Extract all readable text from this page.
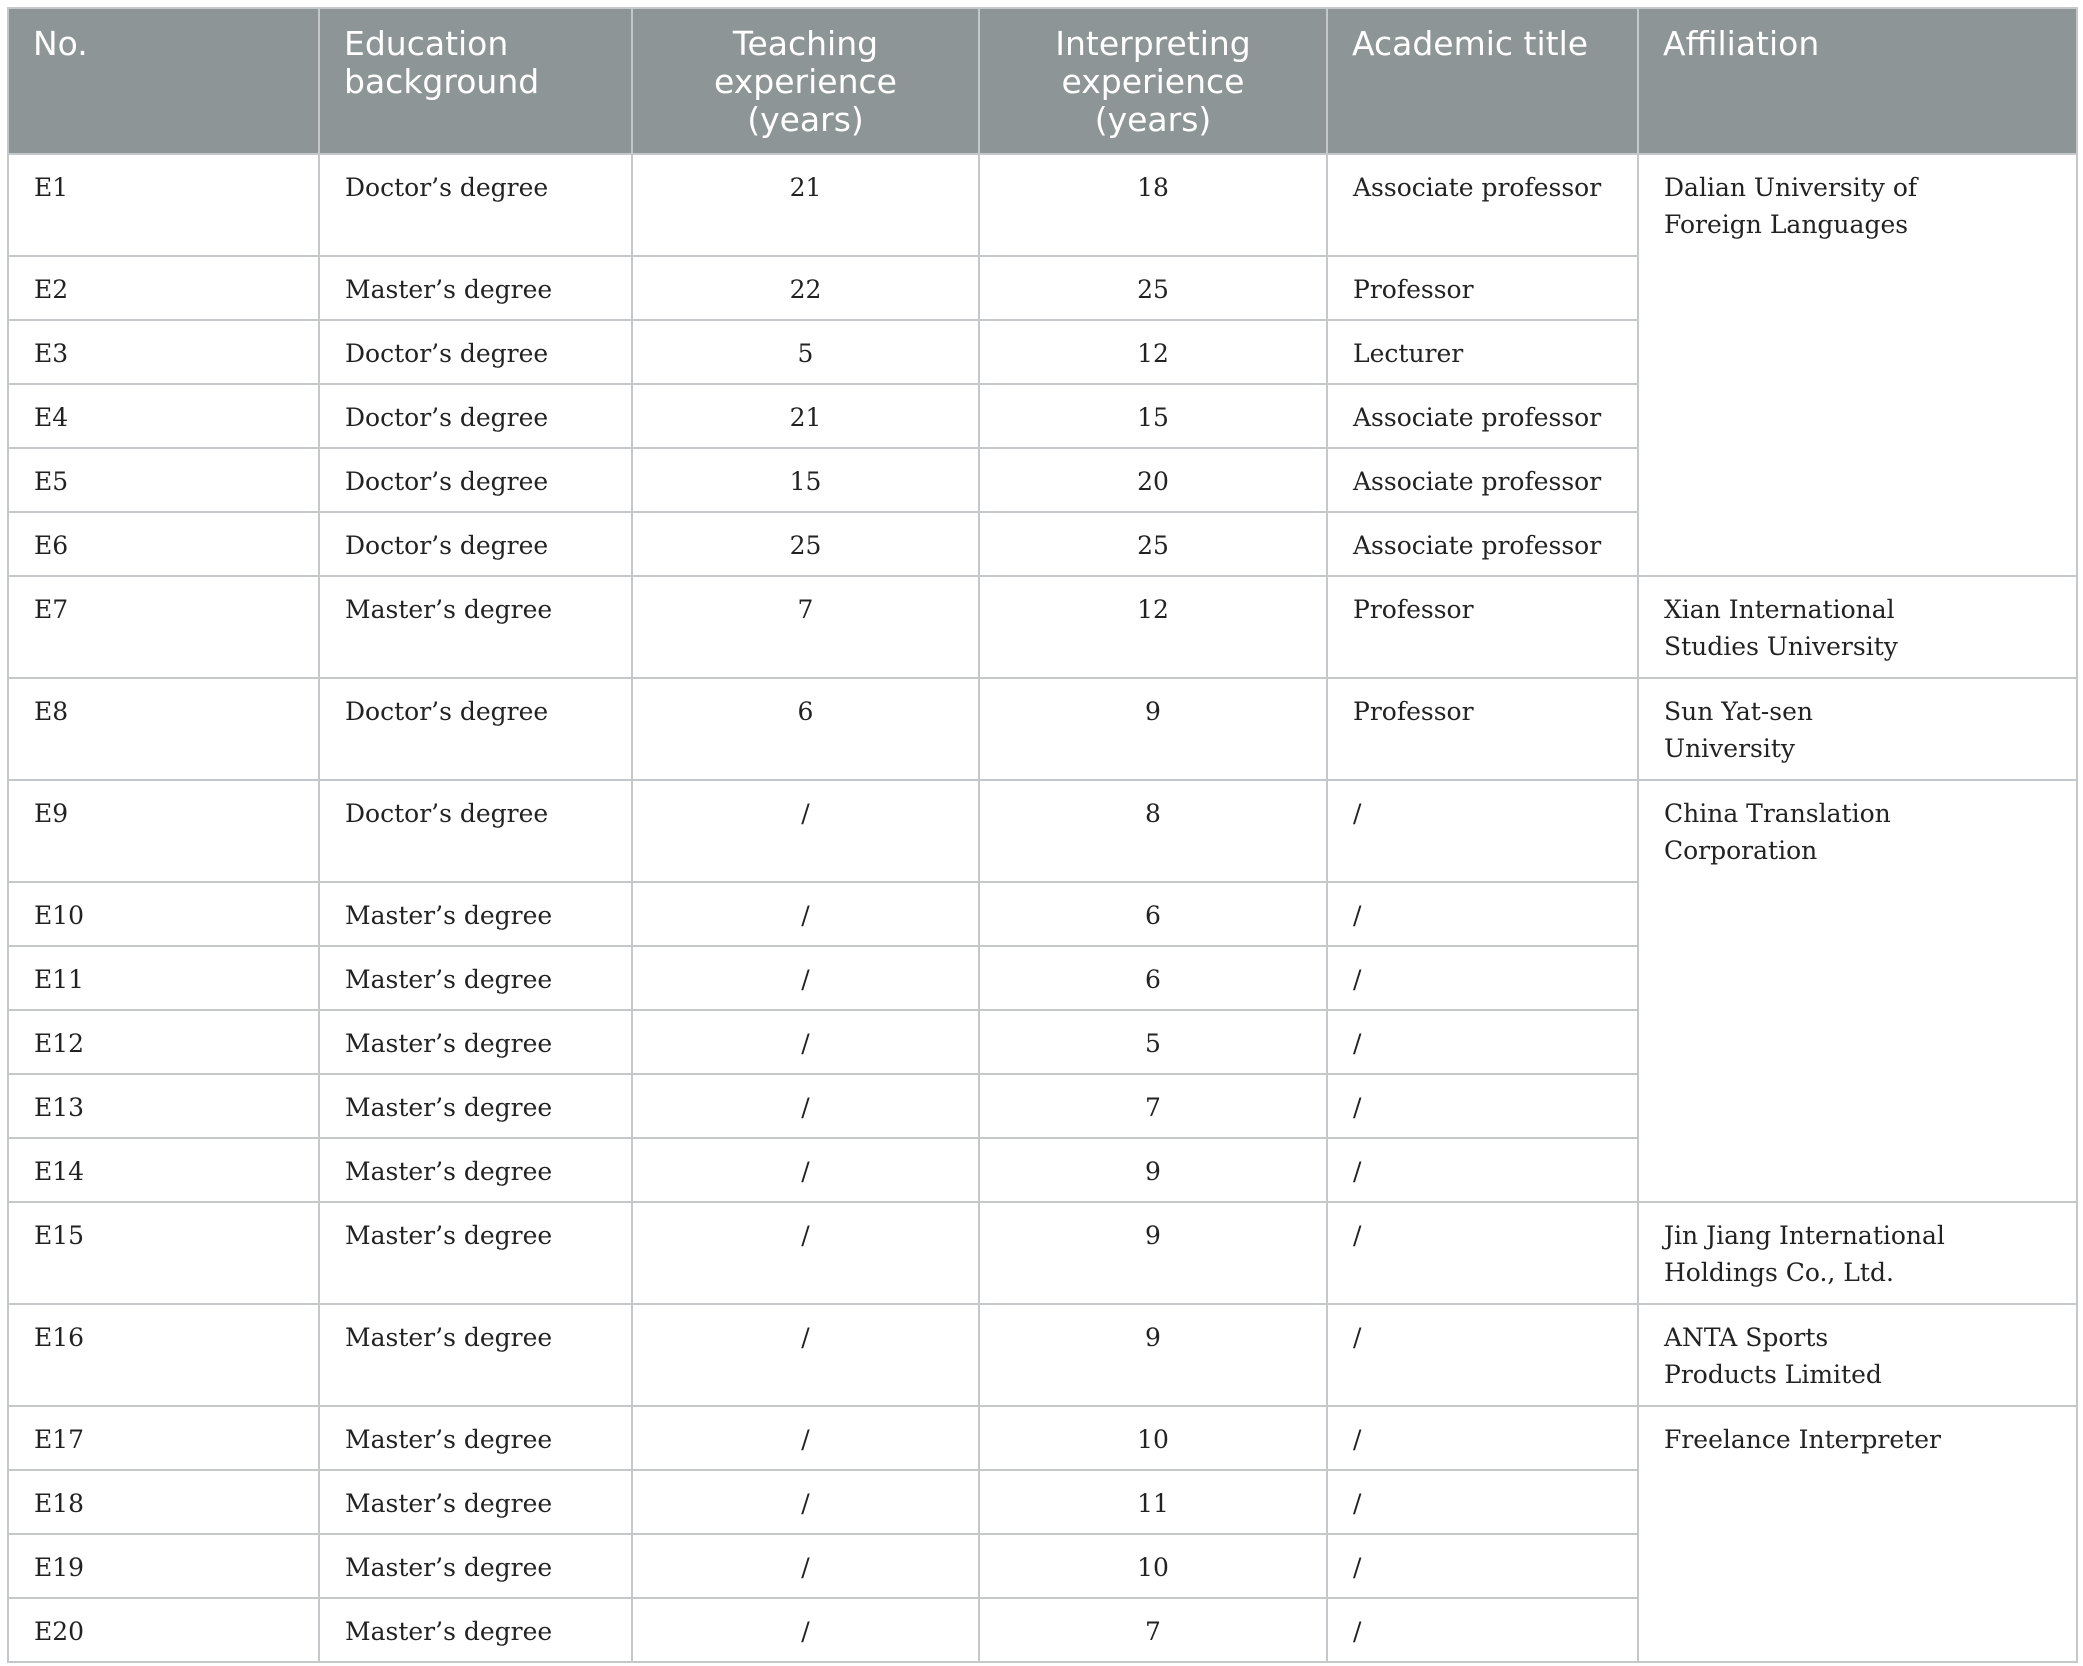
No.	Education background	Teaching experience (years)	Interpreting experience (years)	Academic title	Affiliation
E1	Doctor’s degree	21	18	Associate professor	Dalian University of
Foreign Languages
E2	Master’s degree	22	25	Professor	
E3	Doctor’s degree	5	12	Lecturer	
E4	Doctor’s degree	21	15	Associate professor	
E5	Doctor’s degree	15	20	Associate professor	
E6	Doctor’s degree	25	25	Associate professor	
E7	Master’s degree	7	12	Professor	Xian International
Studies University
E8	Doctor’s degree	6	9	Professor	Sun Yat-sen
University
E9	Doctor’s degree	/	8	/	China Translation
Corporation
E10	Master’s degree	/	6	/	
E11	Master’s degree	/	6	/	
E12	Master’s degree	/	5	/	
E13	Master’s degree	/	7	/	
E14	Master’s degree	/	9	/	
E15	Master’s degree	/	9	/	Jin Jiang International
Holdings Co., Ltd.
E16	Master’s degree	/	9	/	ANTA Sports
Products Limited
E17	Master’s degree	/	10	/	Freelance Interpreter
E18	Master’s degree	/	11	/	
E19	Master’s degree	/	10	/	
E20	Master’s degree	/	7	/	
